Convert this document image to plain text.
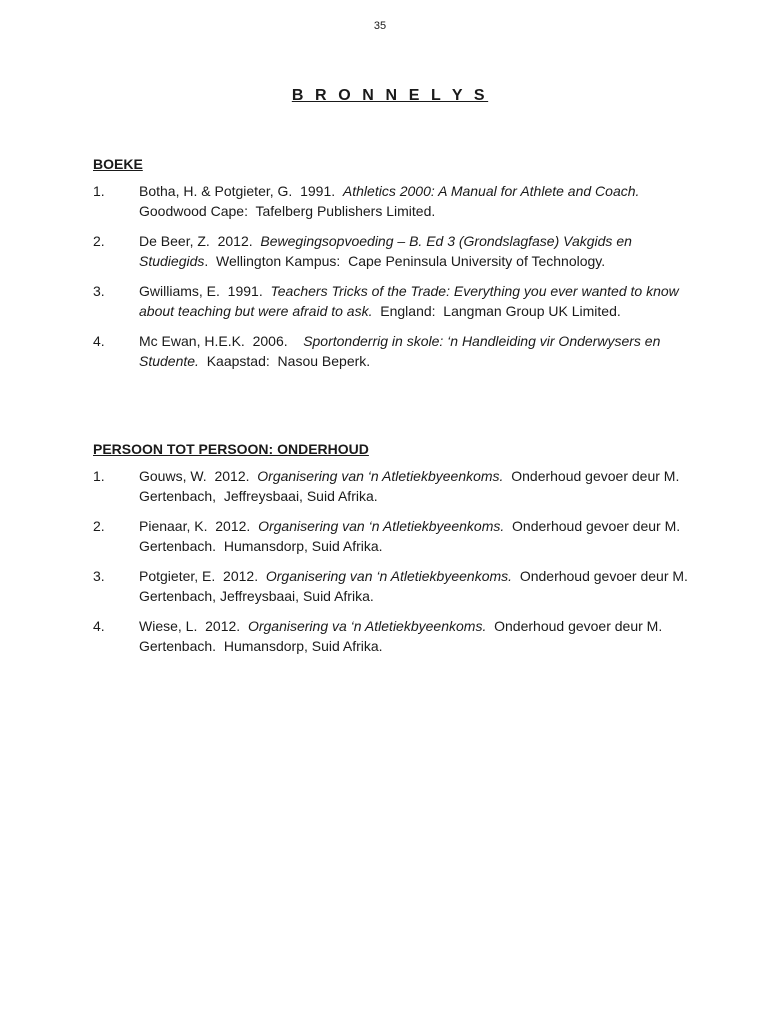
35
B R O N N E L Y S
BOEKE
1.	Botha, H. & Potgieter, G.  1991.  Athletics 2000: A Manual for Athlete and Coach.  Goodwood Cape:  Tafelberg Publishers Limited.
2.	De Beer, Z.  2012.  Bewegingsopvoeding – B. Ed 3 (Grondslagfase) Vakgids en Studiegids.  Wellington Kampus:  Cape Peninsula University of Technology.
3.	Gwilliams, E.  1991.  Teachers Tricks of the Trade: Everything you ever wanted to know about teaching but were afraid to ask.  England:  Langman Group UK Limited.
4.	Mc Ewan, H.E.K.  2006.    Sportonderrig in skole: ‘n Handleiding vir Onderwysers en Studente.  Kaapstad:  Nasou Beperk.
PERSOON TOT PERSOON: ONDERHOUD
1.	Gouws, W.  2012.  Organisering van ‘n Atletiekbyeenkoms.  Onderhoud gevoer deur M. Gertenbach,  Jeffreysbaai, Suid Afrika.
2.	Pienaar, K.  2012.  Organisering van ‘n Atletiekbyeenkoms.  Onderhoud gevoer deur M. Gertenbach.  Humansdorp, Suid Afrika.
3.	Potgieter, E.  2012.  Organisering van ‘n Atletiekbyeenkoms.  Onderhoud gevoer deur M. Gertenbach, Jeffreysbaai, Suid Afrika.
4.	Wiese, L.  2012.  Organisering va ‘n Atletiekbyeenkoms.  Onderhoud gevoer deur M. Gertenbach.  Humansdorp, Suid Afrika.
